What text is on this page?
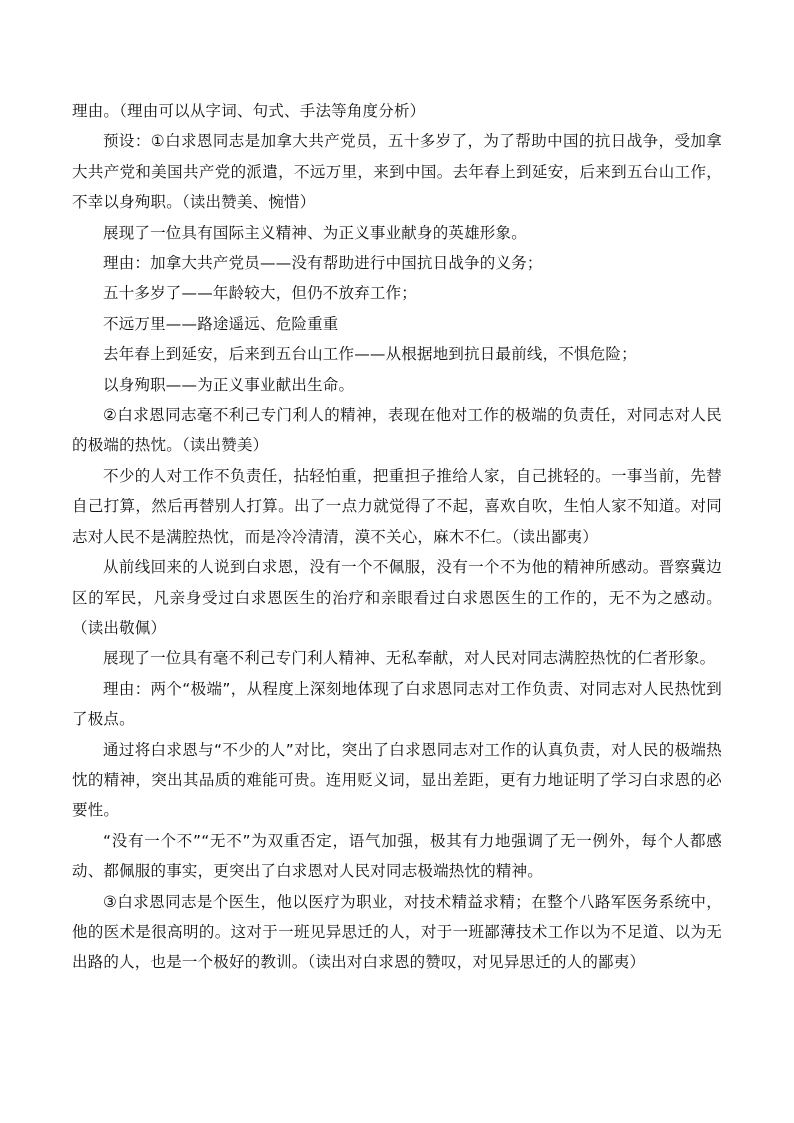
理由。（理由可以从字词、句式、手法等角度分析）

预设：①白求恩同志是加拿大共产党员，五十多岁了，为了帮助中国的抗日战争，受加拿大共产党和美国共产党的派遣，不远万里，来到中国。去年春上到延安，后来到五台山工作，不幸以身殉职。（读出赞美、惋惜）

展现了一位具有国际主义精神、为正义事业献身的英雄形象。

理由：加拿大共产党员——没有帮助进行中国抗日战争的义务；

五十多岁了——年龄较大，但仍不放弃工作；

不远万里——路途遥远、危险重重

去年春上到延安，后来到五台山工作——从根据地到抗日最前线，不惧危险；

以身殉职——为正义事业献出生命。

②白求恩同志毫不利己专门利人的精神，表现在他对工作的极端的负责任，对同志对人民的极端的热忱。（读出赞美）

不少的人对工作不负责任，拈轻怕重，把重担子推给人家，自己挑轻的。一事当前，先替自己打算，然后再替别人打算。出了一点力就觉得了不起，喜欢自吹，生怕人家不知道。对同志对人民不是满腔热忱，而是冷冷清清，漠不关心，麻木不仁。（读出鄙夷）

从前线回来的人说到白求恩，没有一个不佩服，没有一个不为他的精神所感动。晋察冀边区的军民，凡亲身受过白求恩医生的治疗和亲眼看过白求恩医生的工作的，无不为之感动。（读出敬佩）

展现了一位具有毫不利己专门利人精神、无私奉献，对人民对同志满腔热忱的仁者形象。

理由：两个“极端”，从程度上深刻地体现了白求恩同志对工作负责、对同志对人民热忱到了极点。

通过将白求恩与“不少的人”对比，突出了白求恩同志对工作的认真负责，对人民的极端热忱的精神，突出其品质的难能可贵。连用贬义词，显出差距，更有力地证明了学习白求恩的必要性。

“没有一个不”“无不”为双重否定，语气加强，极其有力地强调了无一例外，每个人都感动、都佩服的事实，更突出了白求恩对人民对同志极端热忱的精神。

③白求恩同志是个医生，他以医疗为职业，对技术精益求精；在整个八路军医务系统中，他的医术是很高明的。这对于一班见异思迁的人，对于一班鄙薄技术工作以为不足道、以为无出路的人，也是一个极好的教训。（读出对白求恩的赞叹，对见异思迁的人的鄙夷）
